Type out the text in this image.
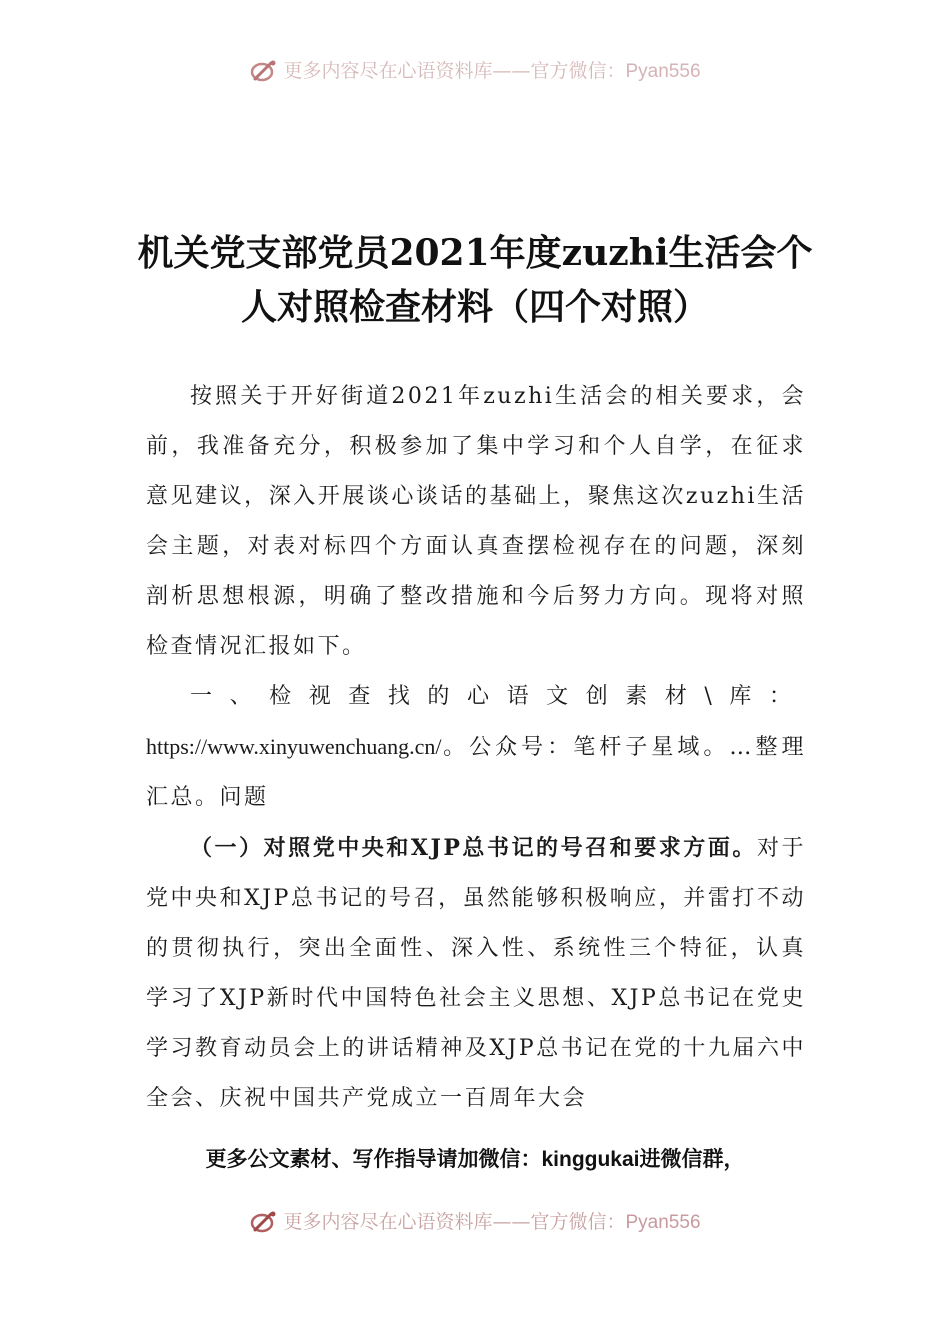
更多内容尽在心语资料库——官方微信：Pyan556
机关党支部党员2021年度zuzhi生活会个人对照检查材料（四个对照）

按照关于开好街道2021年zuzhi生活会的相关要求，会前，我准备充分，积极参加了集中学习和个人自学，在征求意见建议，深入开展谈心谈话的基础上，聚焦这次zuzhi生活会主题，对表对标四个方面认真查摆检视存在的问题，深刻剖析思想根源，明确了整改措施和今后努力方向。现将对照检查情况汇报如下。

一、检视查找的心语文创素材\库：https://www.xinyuwenchuang.cn/。公众号：笔杆子星域。…整理汇总。问题

（一）对照党中央和XJP总书记的号召和要求方面。对于党中央和XJP总书记的号召，虽然能够积极响应，并雷打不动的贯彻执行，突出全面性、深入性、系统性三个特征，认真学习了XJP新时代中国特色社会主义思想、XJP总书记在党史学习教育动员会上的讲话精神及XJP总书记在党的十九届六中全会、庆祝中国共产党成立一百周年大会

更多公文素材、写作指导请加微信：kinggukai进微信群，
更多内容尽在心语资料库——官方微信：Pyan556
